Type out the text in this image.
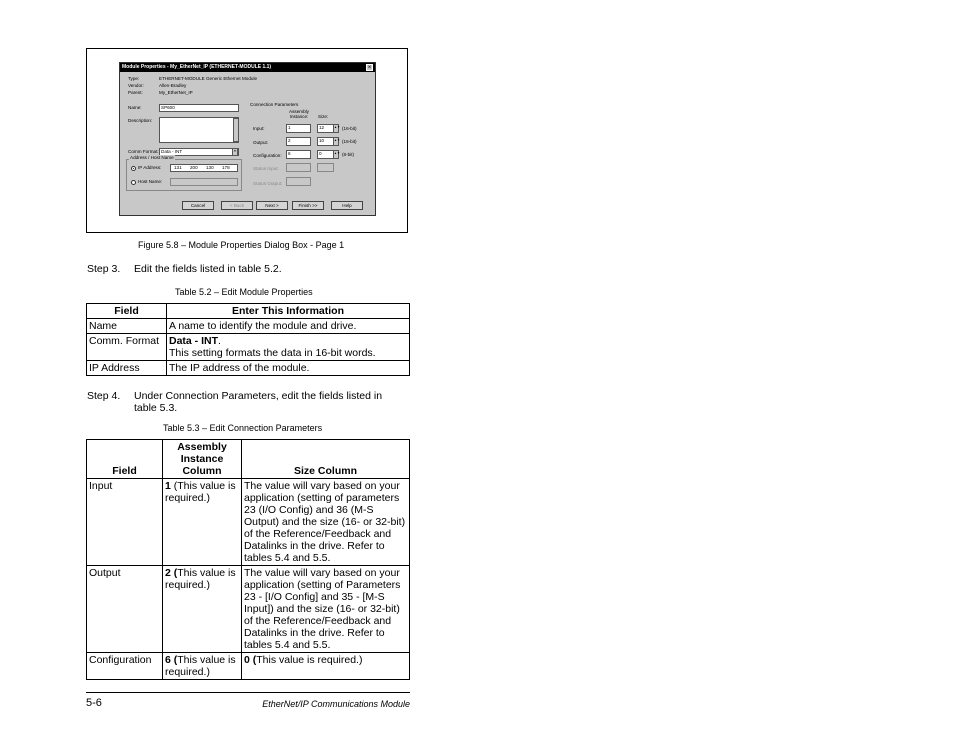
Module Properties - My_EtherNet_IP (ETHERNET-MODULE 1.1)	×
Type:	ETHERNET-MODULE Generic Ethernet Module
Vendor:	Allen-Bradley
Parent:	My_EtherNet_IP
Name:	SP600
Description:
Comm Format: Data - INT	▼
Address / Host Name
IP Address:	131 200 130 178
Host Name:
Connection Parameters
Assembly Instance:	Size:
Input:	1	12	▲▼ (16-bit)
Output:	2	10	▲▼ (16-bit)
Configuration:	6	0	▲▼ (8-bit)
Status Input:
Status Output:
Cancel	< Back	Next >	Finish >>	Help
Figure 5.8 – Module Properties Dialog Box - Page 1
Step 3. Edit the fields listed in table 5.2.
Table 5.2 – Edit Module Properties
Field	Enter This Information
Name	A name to identify the module and drive.
Comm. Format	Data - INT.
This setting formats the data in 16-bit words.
IP Address	The IP address of the module.
Step 4. Under Connection Parameters, edit the fields listed in table 5.3.
Table 5.3 – Edit Connection Parameters
Field	Assembly Instance Column	Size Column
Input	1 (This value is required.)	The value will vary based on your application (setting of parameters 23 (I/O Config) and 36 (M-S Output) and the size (16- or 32-bit) of the Reference/Feedback and Datalinks in the drive. Refer to tables 5.4 and 5.5.
Output	2 (This value is required.)	The value will vary based on your application (setting of Parameters 23 - [I/O Config] and 35 - [M-S Input]) and the size (16- or 32-bit) of the Reference/Feedback and Datalinks in the drive. Refer to tables 5.4 and 5.5.
Configuration	6 (This value is required.)	0 (This value is required.)
5-6	EtherNet/IP Communications Module
